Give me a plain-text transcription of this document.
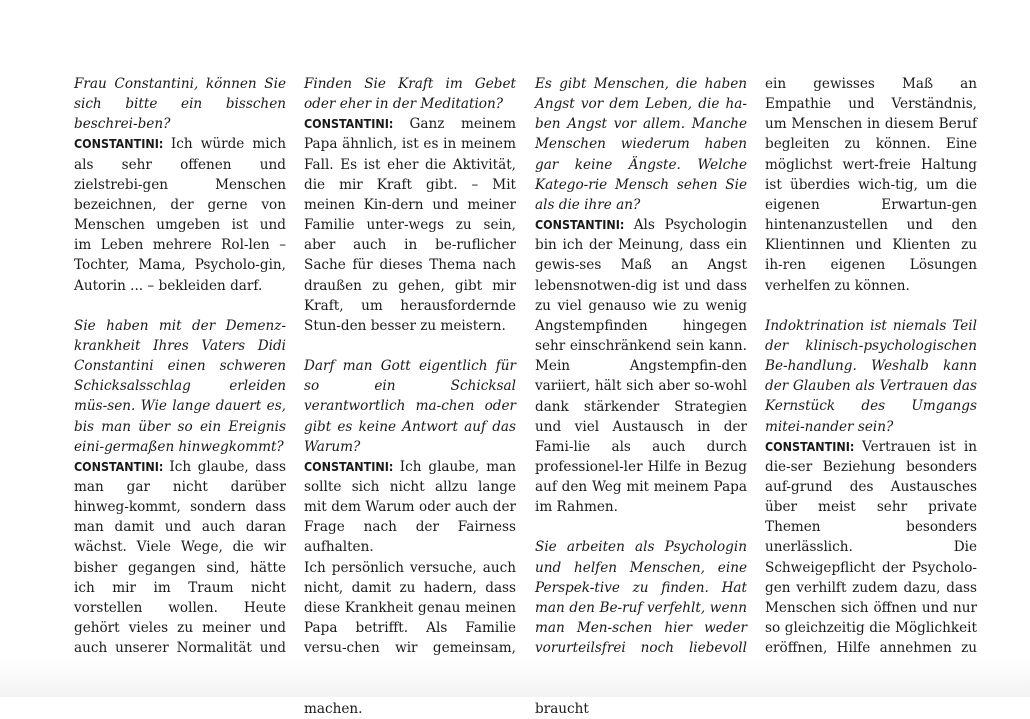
Frau Constantini, können Sie sich bitte ein bisschen beschrei-ben?

CONSTANTINI: Ich würde mich als sehr offenen und zielstrebi-gen Menschen bezeichnen, der gerne von Menschen umgeben ist und im Leben mehrere Rol-len – Tochter, Mama, Psycholo-gin, Autorin ... – bekleiden darf.

Sie haben mit der Demenz-krankheit Ihres Vaters Didi Constantini einen schweren Schicksalsschlag erleiden müs-sen. Wie lange dauert es, bis man über so ein Ereignis eini-germaßen hinwegkommt?

CONSTANTINI: Ich glaube, dass man gar nicht darüber hinweg-kommt, sondern dass man damit und auch daran wächst. Viele Wege, die wir bisher gegangen sind, hätte ich mir im Traum nicht vorstellen wollen. Heute gehört vieles zu meiner und auch unserer Normalität und

Finden Sie Kraft im Gebet oder eher in der Meditation?

CONSTANTINI: Ganz meinem Papa ähnlich, ist es in meinem Fall. Es ist eher die Aktivität, die mir Kraft gibt. – Mit meinen Kin-dern und meiner Familie unter-wegs zu sein, aber auch in be-ruflicher Sache für dieses Thema nach draußen zu gehen, gibt mir Kraft, um herausfordernde Stun-den besser zu meistern.

Darf man Gott eigentlich für so ein Schicksal verantwortlich ma-chen oder gibt es keine Antwort auf das Warum?

CONSTANTINI: Ich glaube, man sollte sich nicht allzu lange mit dem Warum oder auch der Frage nach der Fairness aufhalten.

Ich persönlich versuche, auch nicht, damit zu hadern, dass diese Krankheit genau meinen Papa betrifft. Als Familie versu-chen wir gemeinsam, machen.

Es gibt Menschen, die haben Angst vor dem Leben, die ha-ben Angst vor allem. Manche Menschen wiederum haben gar keine Ängste. Welche Katego-rie Mensch sehen Sie als die ihre an?

CONSTANTINI: Als Psychologin bin ich der Meinung, dass ein gewis-ses Maß an Angst lebensnotwen-dig ist und dass zu viel genauso wie zu wenig Angstempfinden hingegen sehr einschränkend sein kann. Mein Angstempfin-den variiert, hält sich aber so-wohl dank stärkender Strategien und viel Austausch in der Fami-lie als auch durch professionel-ler Hilfe in Bezug auf den Weg mit meinem Papa im Rahmen.

Sie arbeiten als Psychologin und helfen Menschen, eine Perspek-tive zu finden. Hat man den Be-ruf verfehlt, wenn man Men-schen hier weder vorurteilsfrei noch liebevoll

braucht

ein gewisses Maß an Empathie und Verständnis, um Menschen in diesem Beruf begleiten zu können. Eine möglichst wert-freie Haltung ist überdies wich-tig, um die eigenen Erwartun-gen hintenanzustellen und den Klientinnen und Klienten zu ih-ren eigenen Lösungen verhelfen zu können.

Indoktrination ist niemals Teil der klinisch-psychologischen Be-handlung. Weshalb kann der Glauben als Vertrauen das Kernstück des Umgangs mitei-nander sein?

CONSTANTINI: Vertrauen ist in die-ser Beziehung besonders auf-grund des Austausches über meist sehr private Themen besonders unerlässlich. Die Schweigepflicht der Psycholo-gen verhilft zudem dazu, dass Menschen sich öffnen und nur so gleichzeitig die Möglichkeit eröffnen, Hilfe annehmen zu
